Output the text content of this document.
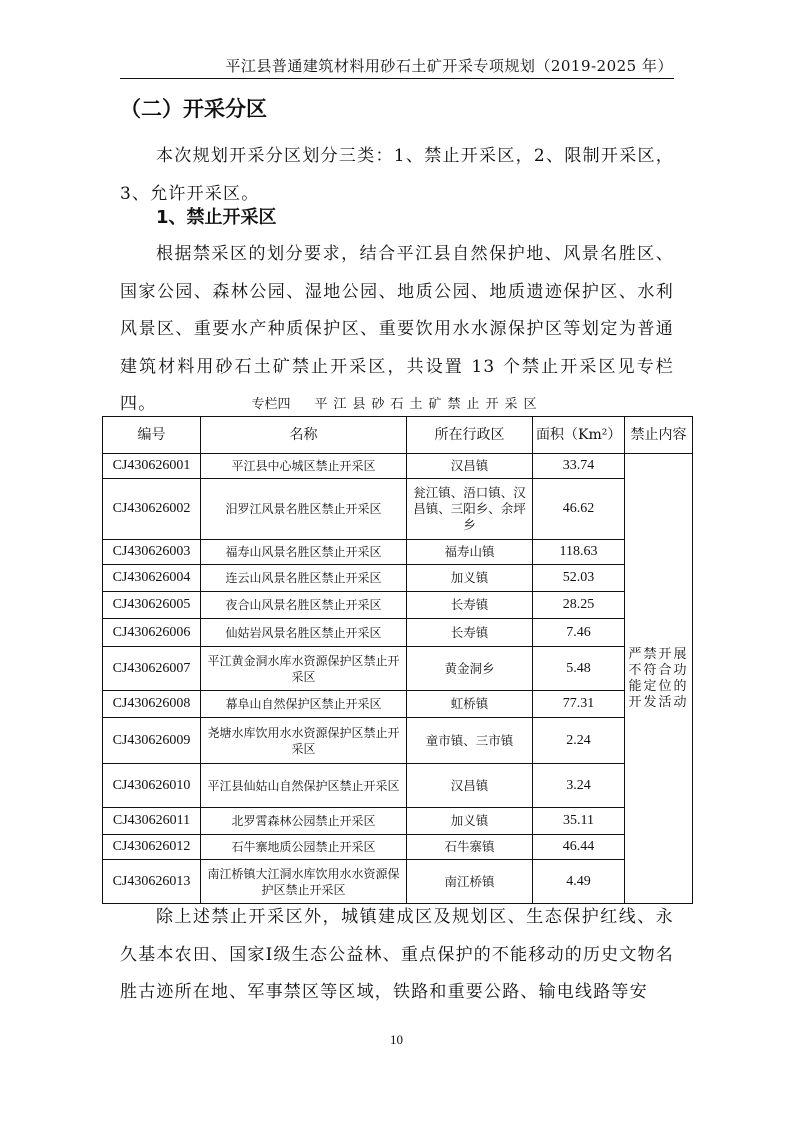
平江县普通建筑材料用砂石土矿开采专项规划（2019-2025 年）
（二）开采分区
本次规划开采分区划分三类：1、禁止开采区，2、限制开采区，3、允许开采区。
1、禁止开采区
根据禁采区的划分要求，结合平江县自然保护地、风景名胜区、国家公园、森林公园、湿地公园、地质公园、地质遗迹保护区、水利风景区、重要水产种质保护区、重要饮用水水源保护区等划定为普通建筑材料用砂石土矿禁止开采区，共设置 13 个禁止开采区见专栏四。	专栏四 平江县砂石土矿禁止开采区
编号	名称	所在行政区	面积（Km²）	禁止内容
CJ430626001	平江县中心城区禁止开采区	汉昌镇	33.74	严禁开展不符合功能定位的开发活动
CJ430626002	汨罗江风景名胜区禁止开采区	瓮江镇、浯口镇、汉昌镇、三阳乡、余坪乡	46.62	
CJ430626003	福寿山风景名胜区禁止开采区	福寿山镇	118.63	
CJ430626004	连云山风景名胜区禁止开采区	加义镇	52.03	
CJ430626005	夜合山风景名胜区禁止开采区	长寿镇	28.25	
CJ430626006	仙姑岩风景名胜区禁止开采区	长寿镇	7.46	
CJ430626007	平江黄金洞水库水资源保护区禁止开采区	黄金洞乡	5.48	
CJ430626008	幕阜山自然保护区禁止开采区	虹桥镇	77.31	
CJ430626009	尧塘水库饮用水水资源保护区禁止开采区	童市镇、三市镇	2.24	
CJ430626010	平江县仙姑山自然保护区禁止开采区	汉昌镇	3.24	
CJ430626011	北罗霄森林公园禁止开采区	加义镇	35.11	
CJ430626012	石牛寨地质公园禁止开采区	石牛寨镇	46.44	
CJ430626013	南江桥镇大江洞水库饮用水水资源保护区禁止开采区	南江桥镇	4.49	
除上述禁止开采区外，城镇建成区及规划区、生态保护红线、永久基本农田、国家Ⅰ级生态公益林、重点保护的不能移动的历史文物名胜古迹所在地、军事禁区等区域，铁路和重要公路、输电线路等安
10
